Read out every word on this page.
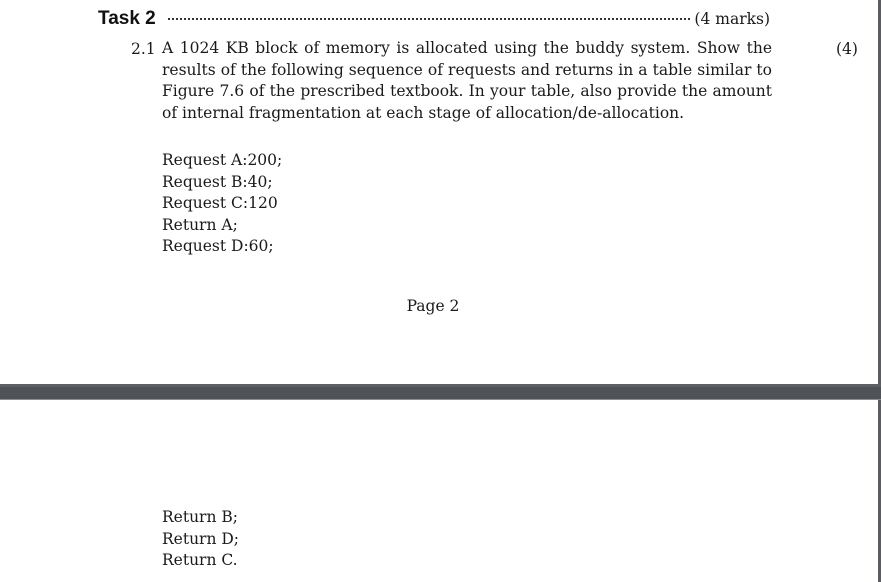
Task 2	(4 marks)
2.1 A 1024 KB block of memory is allocated using the buddy system. Show the results of the following sequence of requests and returns in a table similar to Figure 7.6 of the prescribed textbook. In your table, also provide the amount of internal fragmentation at each stage of allocation/de-allocation.

(4)
Request A:200;
Request B:40;
Request C:120
Return A;
Request D:60;
Page 2
Return B;
Return D;
Return C.
